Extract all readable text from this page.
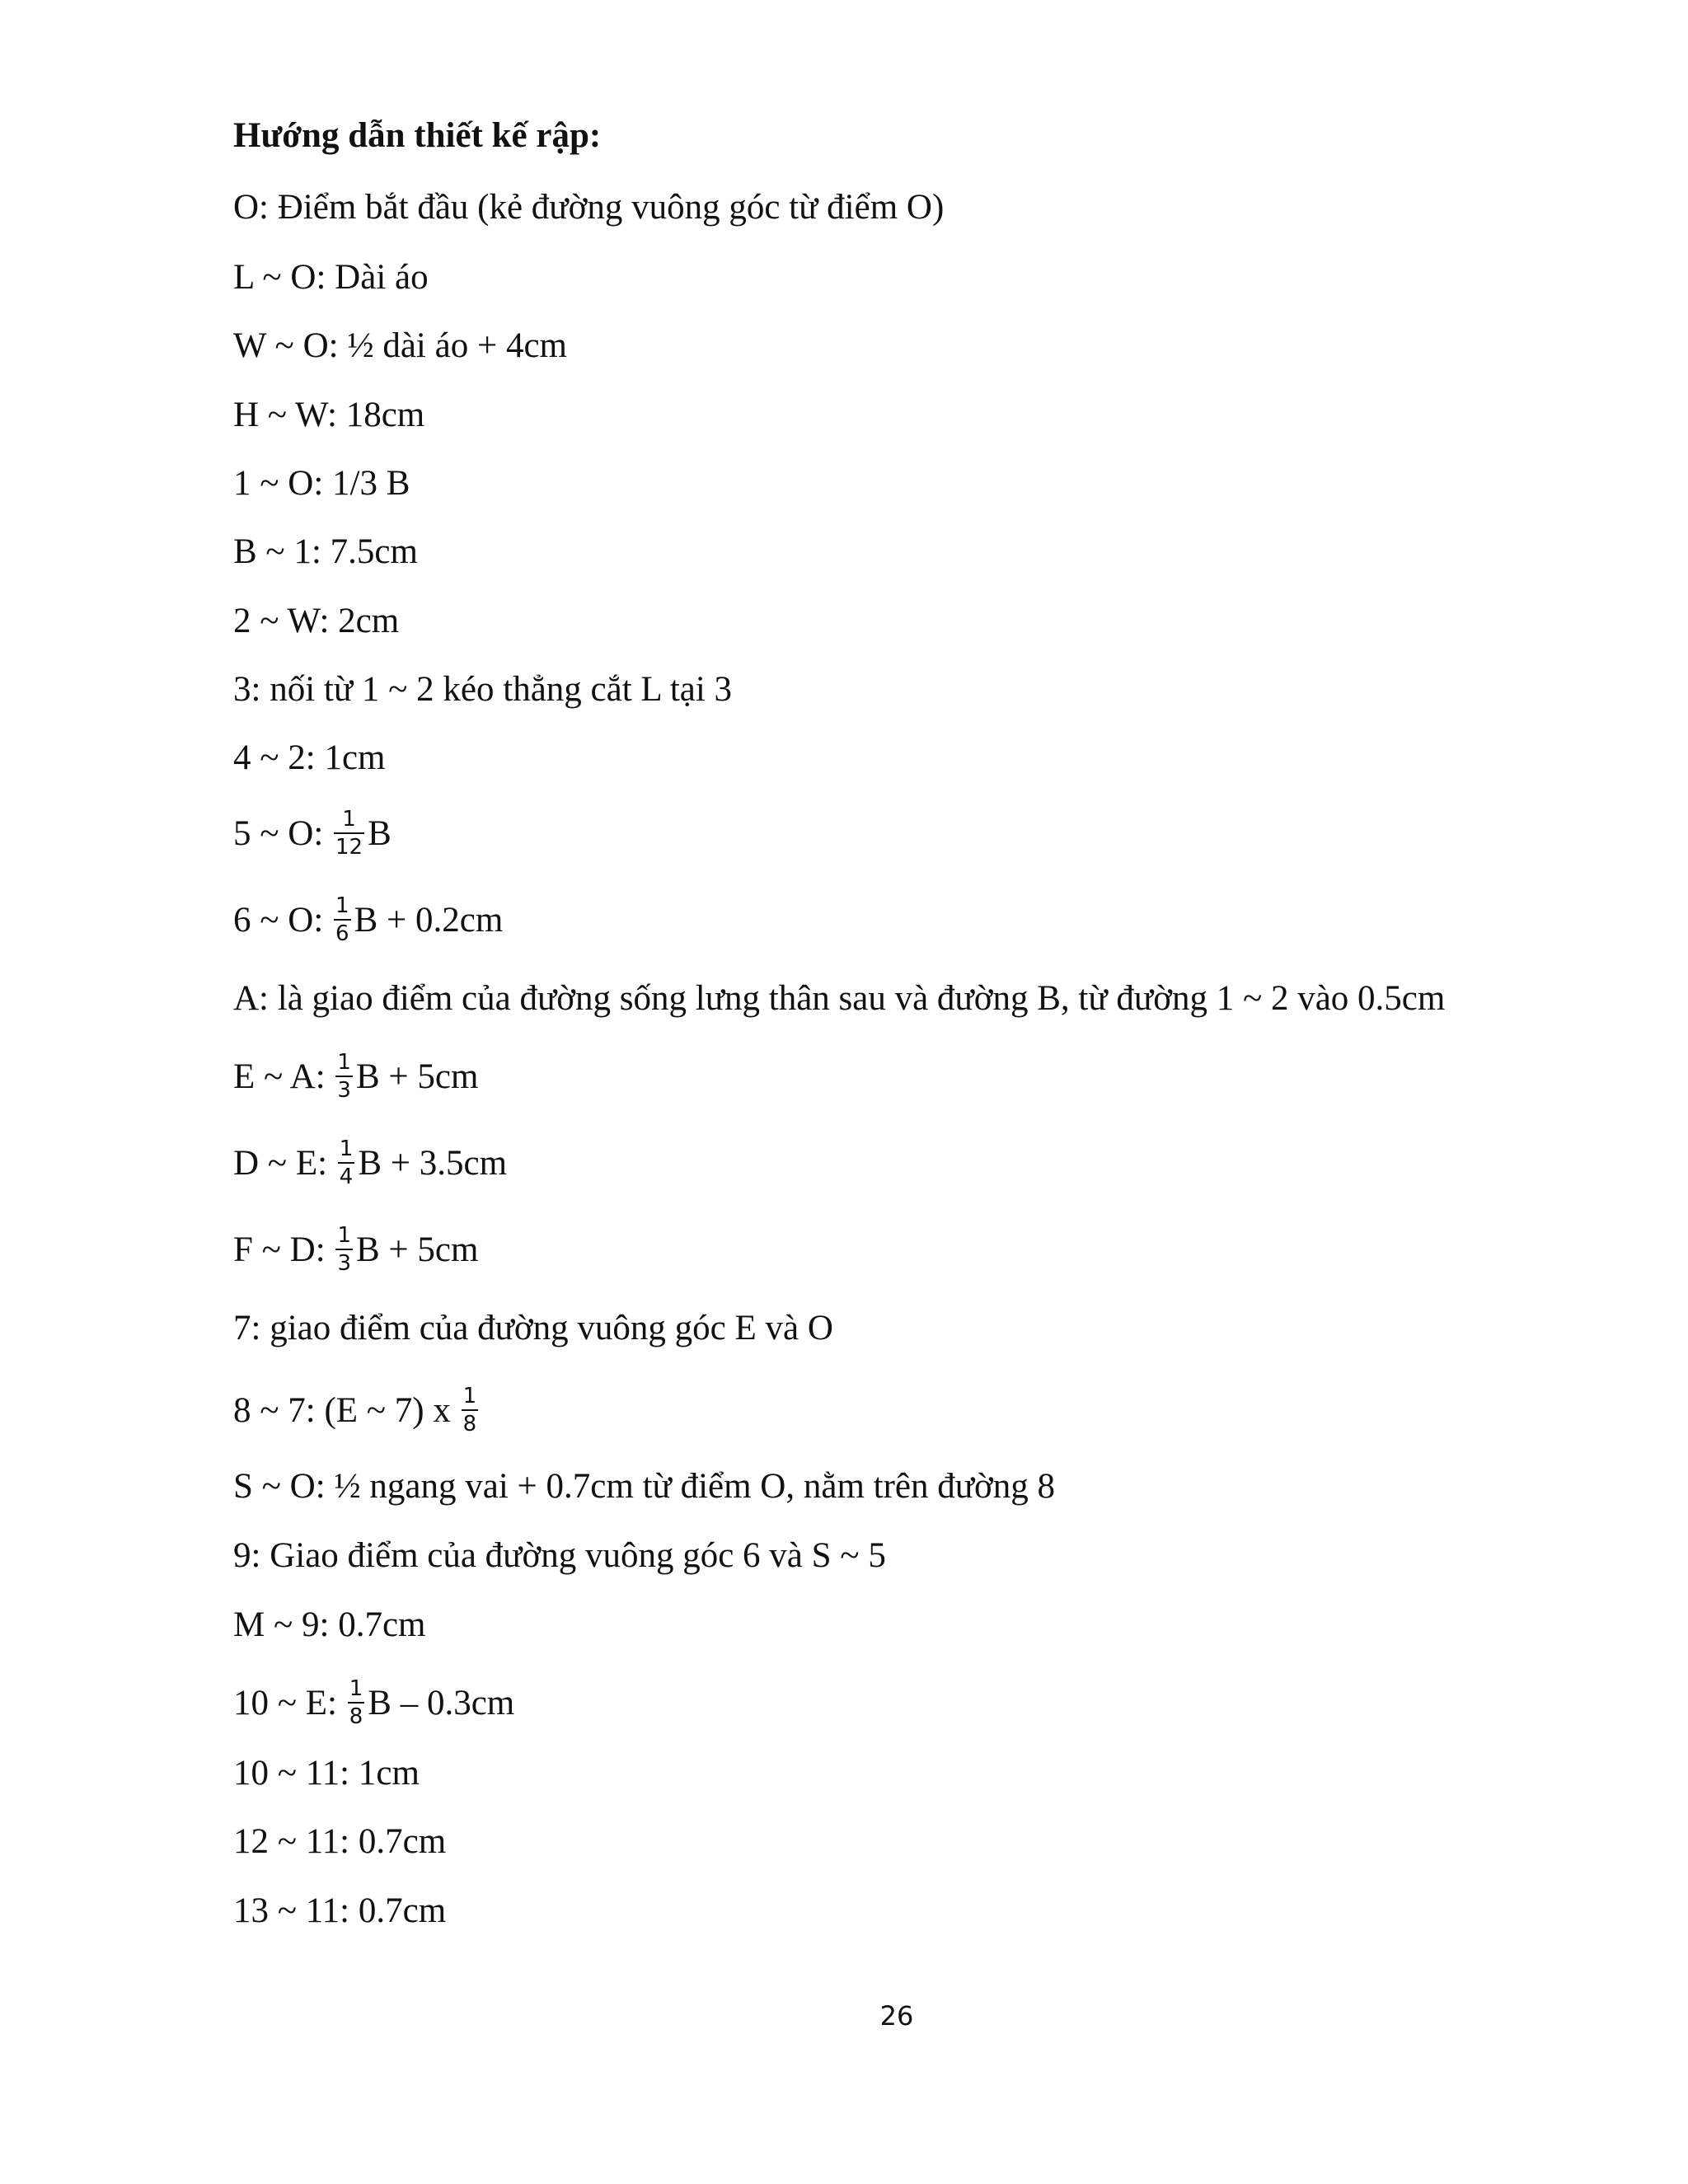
Hướng dẫn thiết kế rập:
O: Điểm bắt đầu (kẻ đường vuông góc từ điểm O)
L ~ O: Dài áo
W ~ O: ½ dài áo + 4cm
H ~ W: 18cm
1 ~ O: 1/3 B
B ~ 1: 7.5cm
2 ~ W: 2cm
3: nối từ 1 ~ 2 kéo thẳng cắt L tại 3
4 ~ 2: 1cm
5 ~ O: $\frac{1}{12}$ B
6 ~ O: $\frac{1}{6}$ B + 0.2cm
A: là giao điểm của đường sống lưng thân sau và đường B, từ đường 1 ~ 2 vào 0.5cm
E ~ A: $\frac{1}{3}$ B + 5cm
D ~ E: $\frac{1}{4}$ B + 3.5cm
F ~ D: $\frac{1}{3}$ B + 5cm
7: giao điểm của đường vuông góc E và O
8 ~ 7: (E ~ 7) x $\frac{1}{8}$
S ~ O: ½ ngang vai + 0.7cm từ điểm O, nằm trên đường 8
9: Giao điểm của đường vuông góc 6 và S ~ 5
M ~ 9: 0.7cm
10 ~ E: $\frac{1}{8}$ B – 0.3cm
10 ~ 11: 1cm
12 ~ 11: 0.7cm
13 ~ 11: 0.7cm
26
